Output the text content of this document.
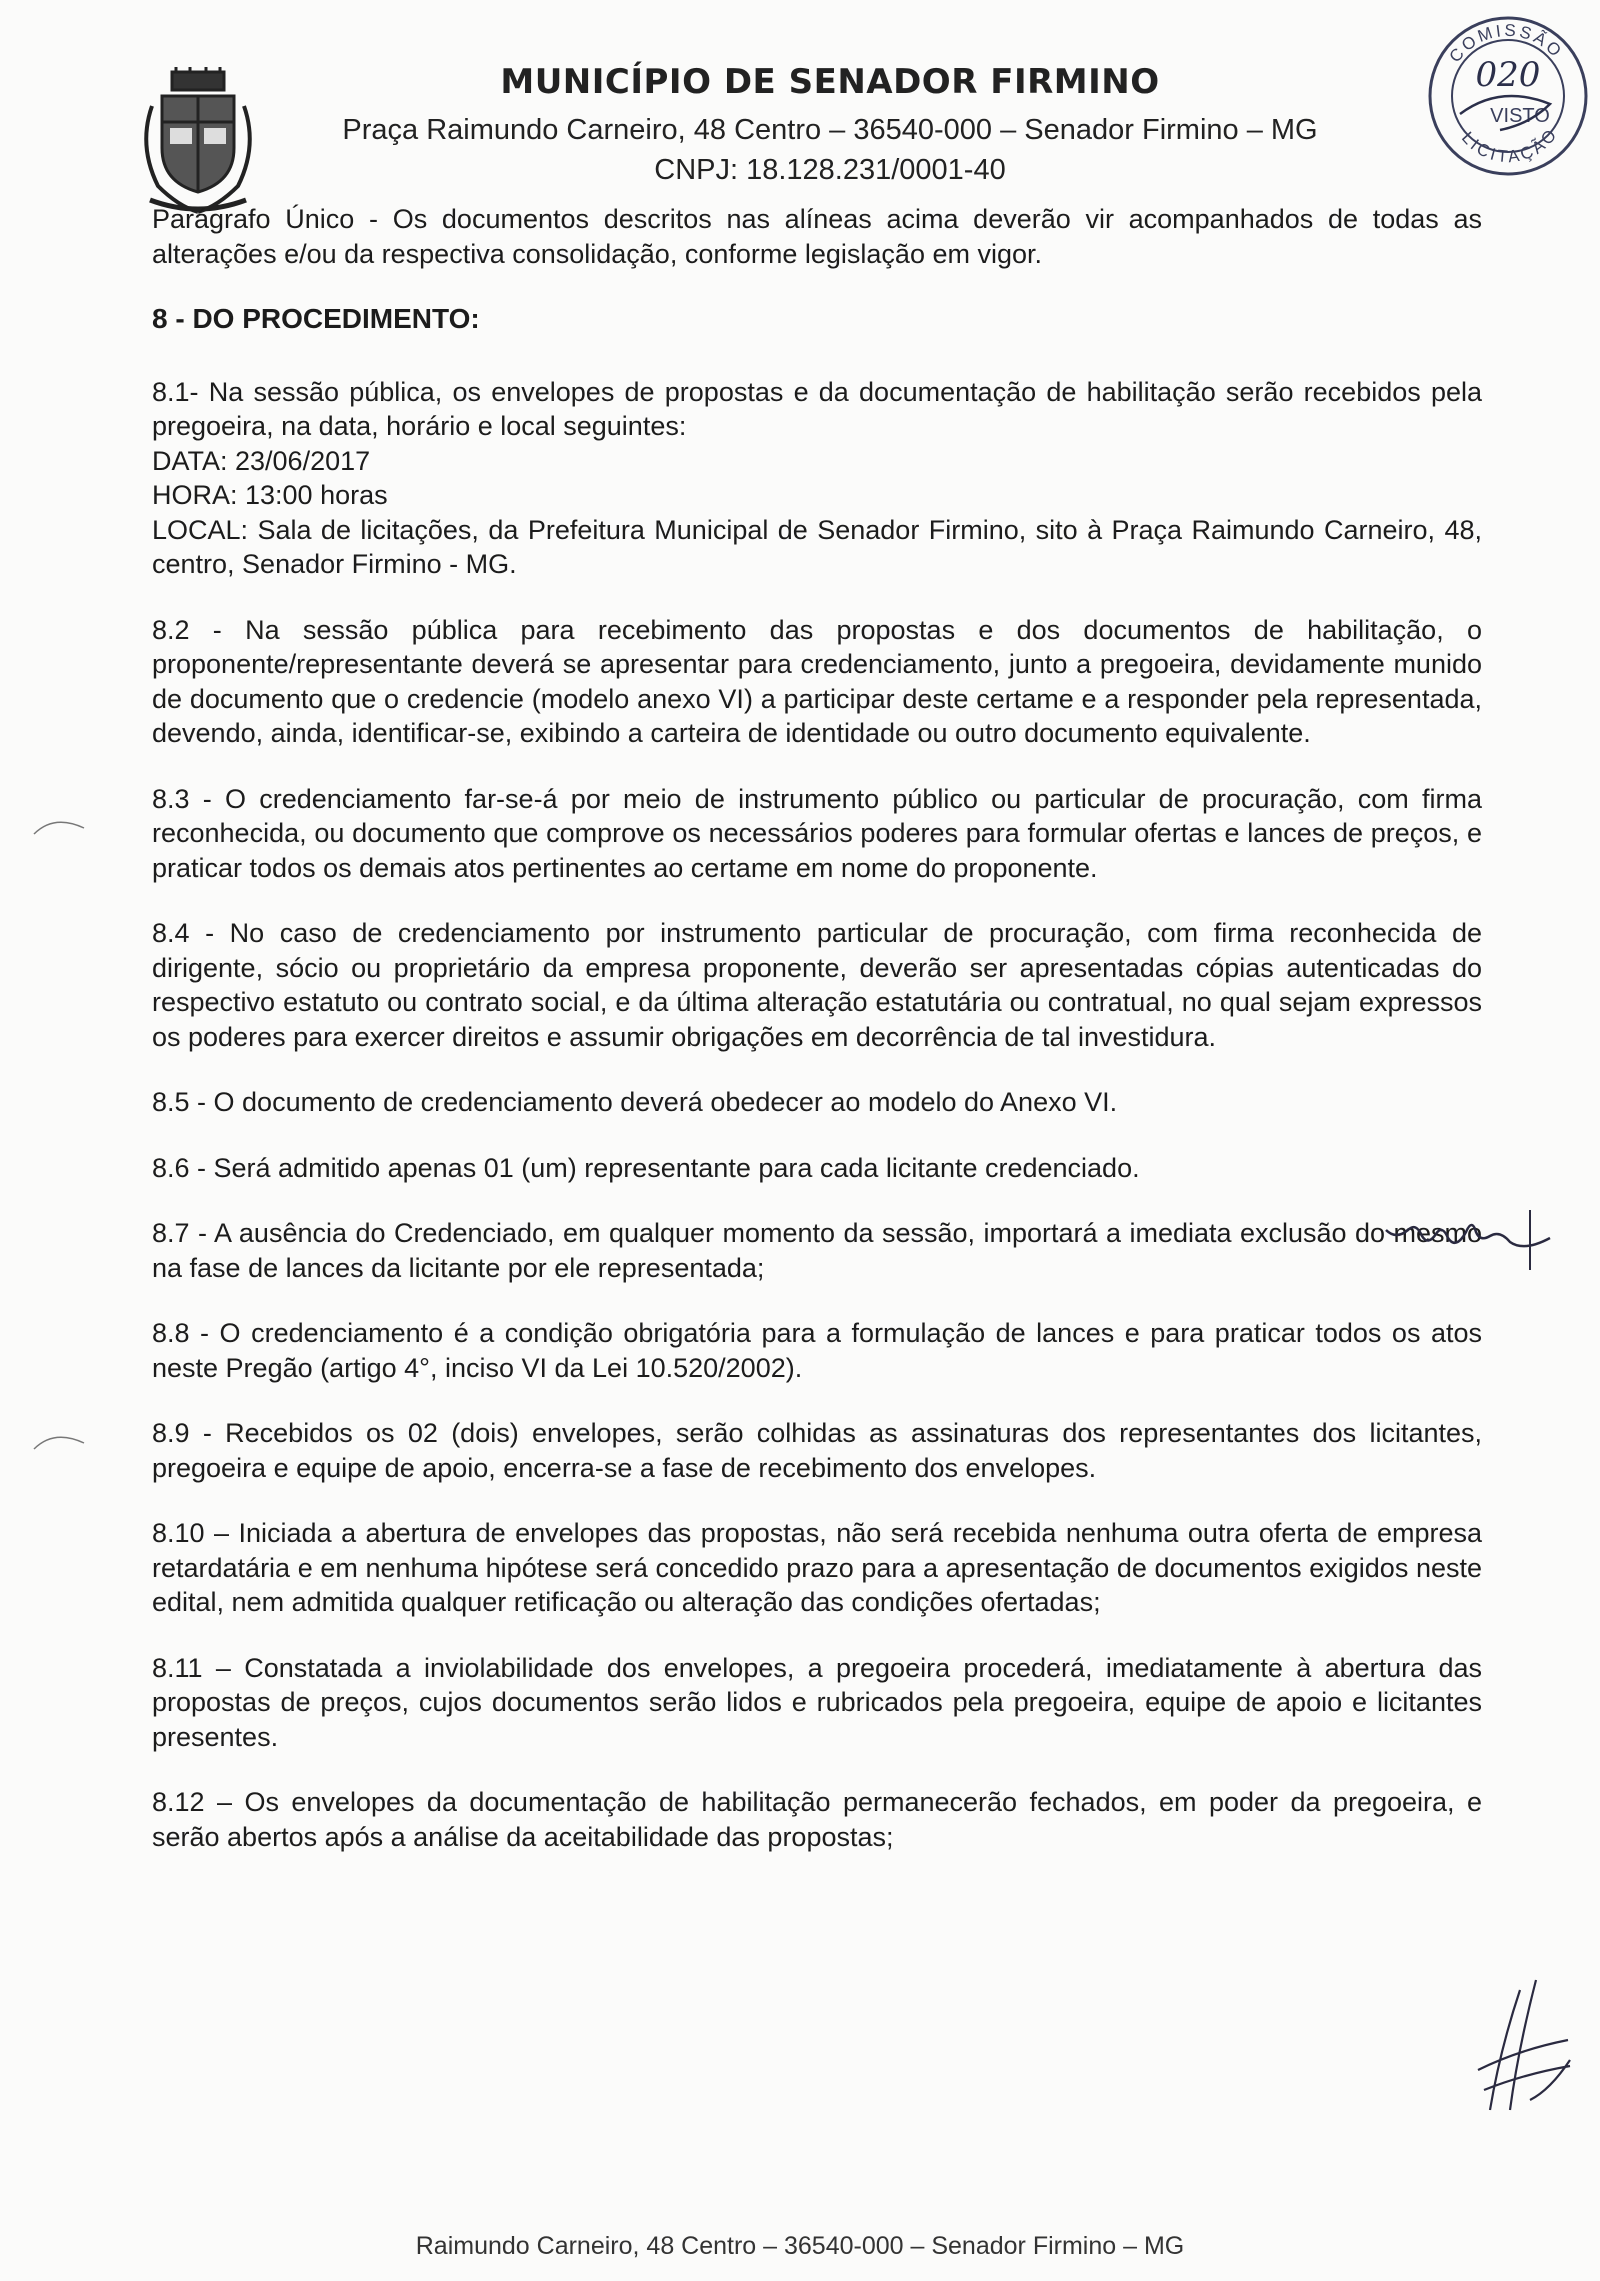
MUNICÍPIO DE SENADOR FIRMINO
Praça Raimundo Carneiro, 48 Centro – 36540-000 – Senador Firmino – MG
CNPJ: 18.128.231/0001-40
COMISSÃO
LICITAÇÃO
020
VISTO

Parágrafo Único - Os documentos descritos nas alíneas acima deverão vir acompanhados de todas as alterações e/ou da respectiva consolidação, conforme legislação em vigor.

8 - DO PROCEDIMENTO:

8.1- Na sessão pública, os envelopes de propostas e da documentação de habilitação serão recebidos pela pregoeira, na data, horário e local seguintes:

DATA: 23/06/2017
HORA: 13:00 horas
LOCAL: Sala de licitações, da Prefeitura Municipal de Senador Firmino, sito à Praça Raimundo Carneiro, 48, centro, Senador Firmino - MG.

8.2 - Na sessão pública para recebimento das propostas e dos documentos de habilitação, o proponente/representante deverá se apresentar para credenciamento, junto a pregoeira, devidamente munido de documento que o credencie (modelo anexo VI) a participar deste certame e a responder pela representada, devendo, ainda, identificar-se, exibindo a carteira de identidade ou outro documento equivalente.

8.3 - O credenciamento far-se-á por meio de instrumento público ou particular de procuração, com firma reconhecida, ou documento que comprove os necessários poderes para formular ofertas e lances de preços, e praticar todos os demais atos pertinentes ao certame em nome do proponente.

8.4 - No caso de credenciamento por instrumento particular de procuração, com firma reconhecida de dirigente, sócio ou proprietário da empresa proponente, deverão ser apresentadas cópias autenticadas do respectivo estatuto ou contrato social, e da última alteração estatutária ou contratual, no qual sejam expressos os poderes para exercer direitos e assumir obrigações em decorrência de tal investidura.

8.5 - O documento de credenciamento deverá obedecer ao modelo do Anexo VI.

8.6 - Será admitido apenas 01 (um) representante para cada licitante credenciado.

8.7 - A ausência do Credenciado, em qualquer momento da sessão, importará a imediata exclusão do mesmo na fase de lances da licitante por ele representada;

8.8 - O credenciamento é a condição obrigatória para a formulação de lances e para praticar todos os atos neste Pregão (artigo 4°, inciso VI da Lei 10.520/2002).

8.9 - Recebidos os 02 (dois) envelopes, serão colhidas as assinaturas dos representantes dos licitantes, pregoeira e equipe de apoio, encerra-se a fase de recebimento dos envelopes.

8.10 – Iniciada a abertura de envelopes das propostas, não será recebida nenhuma outra oferta de empresa retardatária e em nenhuma hipótese será concedido prazo para a apresentação de documentos exigidos neste edital, nem admitida qualquer retificação ou alteração das condições ofertadas;

8.11 – Constatada a inviolabilidade dos envelopes, a pregoeira procederá, imediatamente à abertura das propostas de preços, cujos documentos serão lidos e rubricados pela pregoeira, equipe de apoio e licitantes presentes.

8.12 – Os envelopes da documentação de habilitação permanecerão fechados, em poder da pregoeira, e serão abertos após a análise da aceitabilidade das propostas;

Raimundo Carneiro, 48 Centro – 36540-000 – Senador Firmino – MG
